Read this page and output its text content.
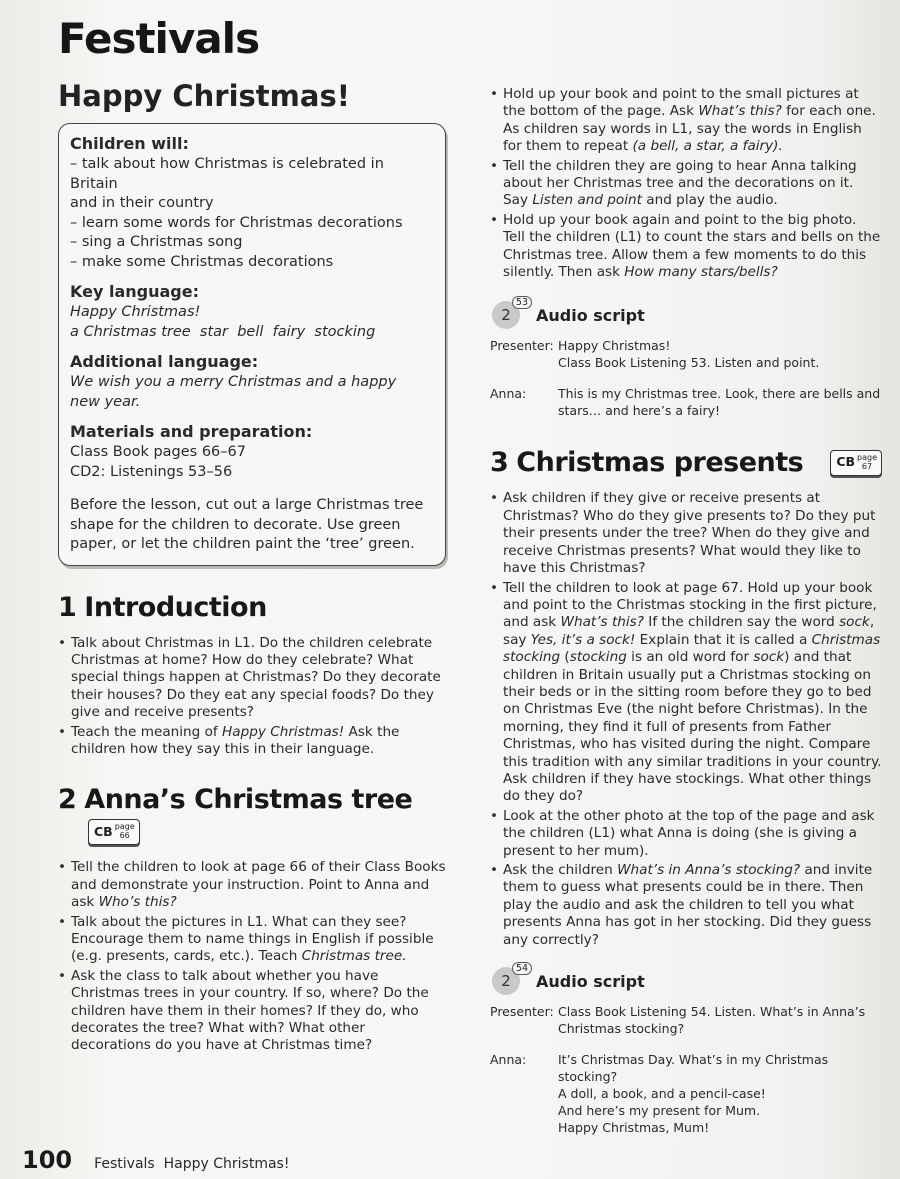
Festivals
Happy Christmas!
Children will:
– talk about how Christmas is celebrated in Britain
and in their country
– learn some words for Christmas decorations
– sing a Christmas song
– make some Christmas decorations
Key language:
Happy Christmas!
a Christmas tree  star  bell  fairy  stocking
Additional language:
We wish you a merry Christmas and a happy
new year.
Materials and preparation:
Class Book pages 66–67
CD2: Listenings 53–56
Before the lesson, cut out a large Christmas tree shape for the children to decorate. Use green paper, or let the children paint the ‘tree’ green.
1 Introduction
• Talk about Christmas in L1. Do the children celebrate Christmas at home? How do they celebrate? What special things happen at Christmas? Do they decorate their houses? Do they eat any special foods? Do they give and receive presents?
• Teach the meaning of Happy Christmas! Ask the children how they say this in their language.
2 Anna’s Christmas tree
CB page
66
• Tell the children to look at page 66 of their Class Books and demonstrate your instruction. Point to Anna and ask Who’s this?
• Talk about the pictures in L1. What can they see? Encourage them to name things in English if possible (e.g. presents, cards, etc.). Teach Christmas tree.
• Ask the class to talk about whether you have Christmas trees in your country. If so, where? Do the children have them in their homes? If they do, who decorates the tree? What with? What other decorations do you have at Christmas time?
• Hold up your book and point to the small pictures at the bottom of the page. Ask What’s this? for each one. As children say words in L1, say the words in English for them to repeat (a bell, a star, a fairy).
• Tell the children they are going to hear Anna talking about her Christmas tree and the decorations on it. Say Listen and point and play the audio.
• Hold up your book again and point to the big photo. Tell the children (L1) to count the stars and bells on the Christmas tree. Allow them a few moments to do this silently. Then ask How many stars/bells?
2
53
Audio script
Presenter: Happy Christmas!
Class Book Listening 53. Listen and point.
Anna:	This is my Christmas tree. Look, there are bells and
stars… and here’s a fairy!
3 Christmas presents	CB page
67
• Ask children if they give or receive presents at Christmas? Who do they give presents to? Do they put their presents under the tree? When do they give and receive Christmas presents? What would they like to have this Christmas?
• Tell the children to look at page 67. Hold up your book and point to the Christmas stocking in the first picture, and ask What’s this? If the children say the word sock, say Yes, it’s a sock! Explain that it is called a Christmas stocking (stocking is an old word for sock) and that children in Britain usually put a Christmas stocking on their beds or in the sitting room before they go to bed on Christmas Eve (the night before Christmas). In the morning, they find it full of presents from Father Christmas, who has visited during the night. Compare this tradition with any similar traditions in your country. Ask children if they have stockings. What other things do they do?
• Look at the other photo at the top of the page and ask the children (L1) what Anna is doing (she is giving a present to her mum).
• Ask the children What’s in Anna’s stocking? and invite them to guess what presents could be in there. Then play the audio and ask the children to tell you what presents Anna has got in her stocking. Did they guess any correctly?
2
54
Audio script
Presenter: Class Book Listening 54. Listen. What’s in Anna’s
Christmas stocking?
Anna:	It’s Christmas Day. What’s in my Christmas stocking?
A doll, a book, and a pencil-case!
And here’s my present for Mum.
Happy Christmas, Mum!
100 Festivals  Happy Christmas!
